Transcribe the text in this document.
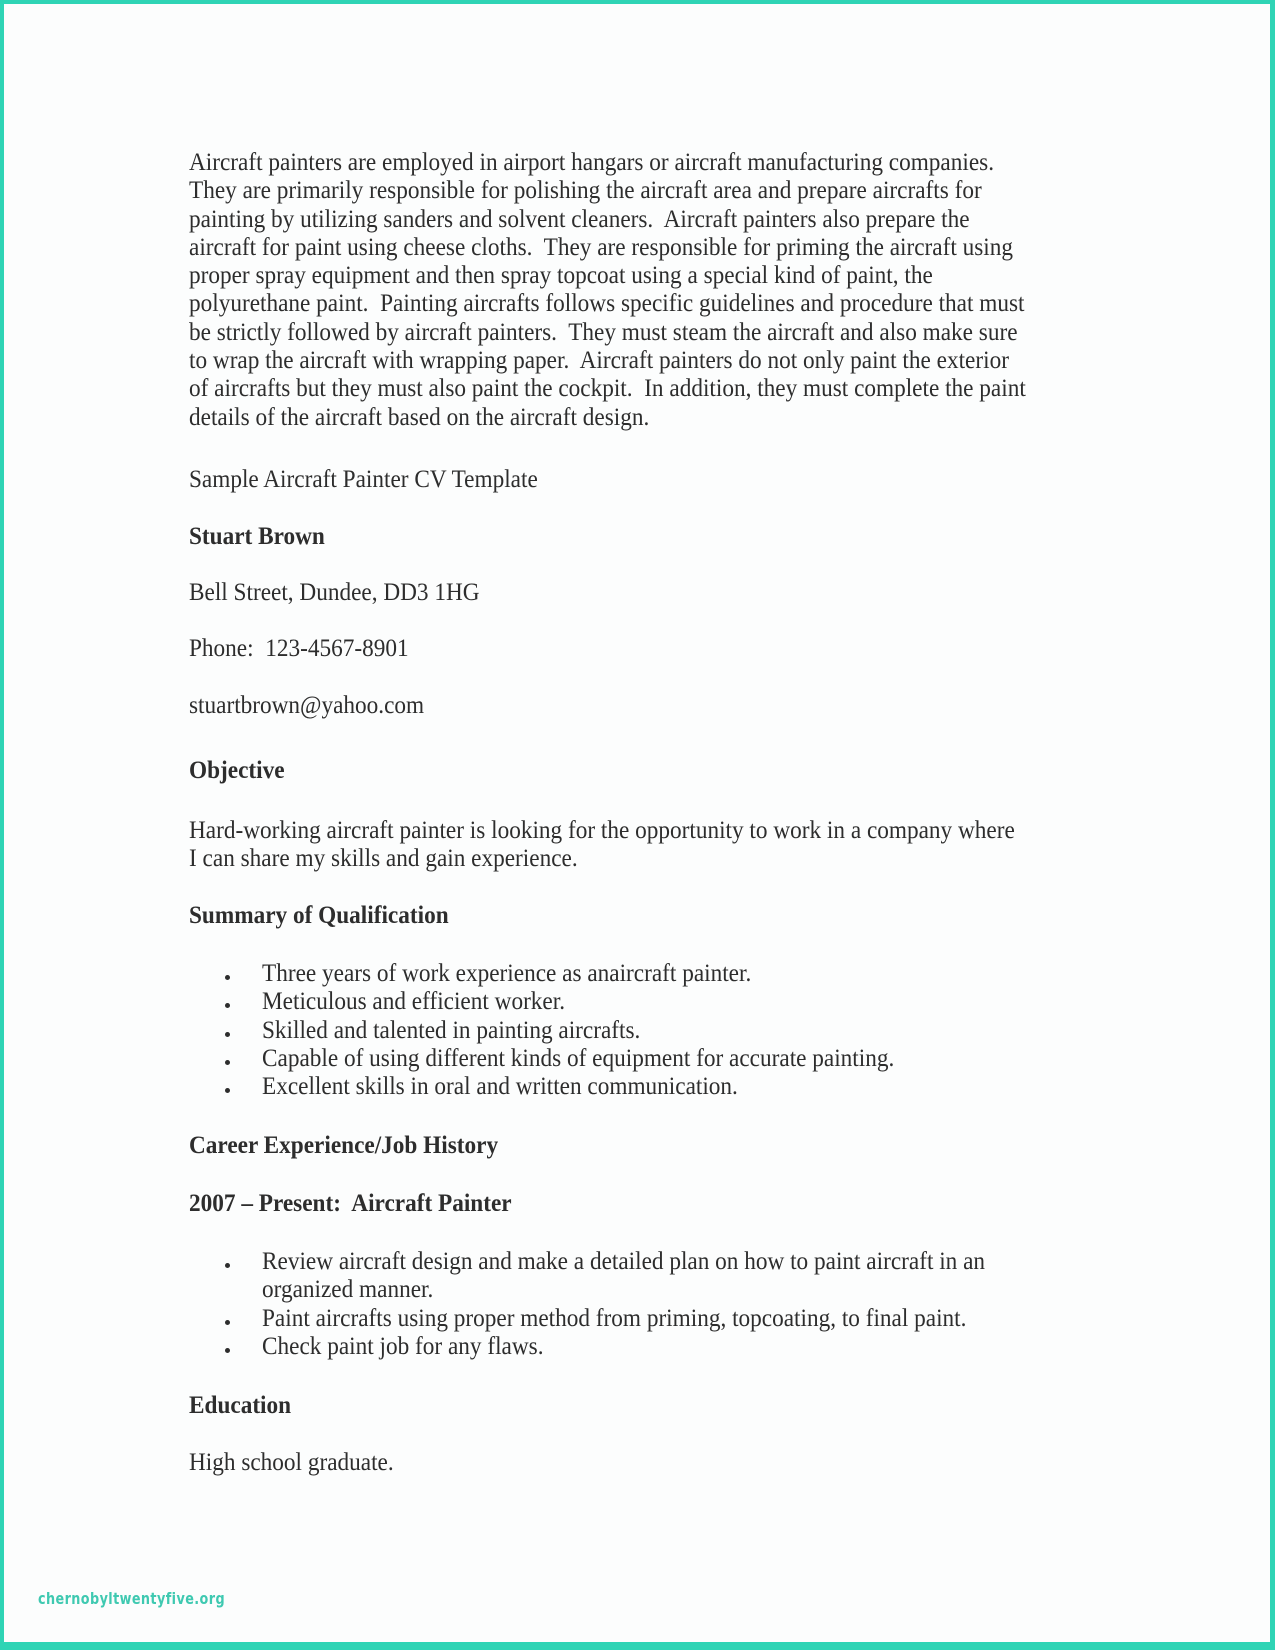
Aircraft painters are employed in airport hangars or aircraft manufacturing companies.
They are primarily responsible for polishing the aircraft area and prepare aircrafts for
painting by utilizing sanders and solvent cleaners.  Aircraft painters also prepare the
aircraft for paint using cheese cloths.  They are responsible for priming the aircraft using
proper spray equipment and then spray topcoat using a special kind of paint, the
polyurethane paint.  Painting aircrafts follows specific guidelines and procedure that must
be strictly followed by aircraft painters.  They must steam the aircraft and also make sure
to wrap the aircraft with wrapping paper.  Aircraft painters do not only paint the exterior
of aircrafts but they must also paint the cockpit.  In addition, they must complete the paint
details of the aircraft based on the aircraft design.
Sample Aircraft Painter CV Template
Stuart Brown
Bell Street, Dundee, DD3 1HG
Phone:  123-4567-8901
stuartbrown@yahoo.com
Objective
Hard-working aircraft painter is looking for the opportunity to work in a company where
I can share my skills and gain experience.
Summary of Qualification
Three years of work experience as anaircraft painter.
Meticulous and efficient worker.
Skilled and talented in painting aircrafts.
Capable of using different kinds of equipment for accurate painting.
Excellent skills in oral and written communication.
Career Experience/Job History
2007 – Present:  Aircraft Painter
Review aircraft design and make a detailed plan on how to paint aircraft in an
organized manner.
Paint aircrafts using proper method from priming, topcoating, to final paint.
Check paint job for any flaws.
Education
High school graduate.
chernobyltwentyfive.org
